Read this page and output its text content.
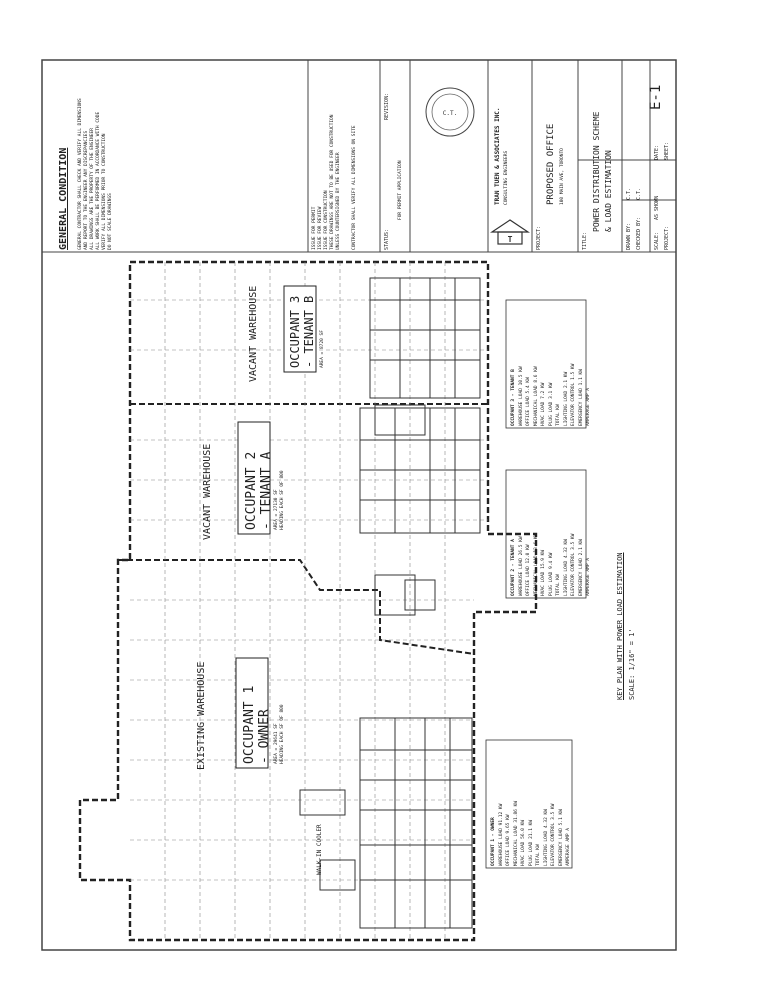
C.T.
T
GENERAL CONDITION GENERAL CONTRACTOR SHALL CHECK AND VERIFY ALL DIMENSIONS AND REPORT TO THE ENGINEER ANY DISCREPANCIES ALL DRAWINGS ARE THE PROPERTY OF THE ENGINEER ALL WORK SHALL BE PERFORMED IN ACCORDANCE WITH CODE VERIFY ALL DIMENSIONS PRIOR TO CONSTRUCTION DO NOT SCALE DRAWINGS	ISSUE FOR PERMIT ISSUE FOR REVIEW ISSUE FOR CONSTRUCTION THESE DRAWINGS ARE NOT TO BE USED FOR CONSTRUCTION UNLESS COUNTERSIGNED BY THE ENGINEER CONTRACTOR SHALL VERIFY ALL DIMENSIONS ON SITE	STATUS:
FOR PERMIT APPLICATION
REVISION:
TRAN TUEN & ASSOCIATES INC. CONSULTING ENGINEERS
PROJECT:
PROPOSED OFFICE 100 MAIN AVE, TORONTO
TITLE:
POWER DISTRIBUTION SCHEME & LOAD ESTIMATION
DRAWN BY:
C.T.
CHECKED BY:
C.T.
SCALE:
AS SHOWN
DATE:
PROJECT:
SHEET:
E-1
OCCUPANT 1 - OWNER
OCCUPANT 2 - TENANT A
OCCUPANT 3 - TENANT B
AREA = 29641 SF HEADING EACH SF OF 800
AREA = 27130 SF HEADING EACH SF OF 800
AREA = 8720 SF
EXISTING WAREHOUSE
VACANT WAREHOUSE
VACANT WAREHOUSE
WALK-IN COOLER
KEY PLAN WITH POWER LOAD ESTIMATION SCALE: 1/16" = 1'
OCCUPANT 1 - OWNER WAREHOUSE LOAD 91.12 KW
OFFICE LOAD 9.65 KW
MECHANICAL LOAD 31.86 KW
HVAC LOAD 56.0 KW
PLUG LOAD 21.1 KW
TOTAL KW LIGHTING LOAD 4.32 KW
ELEVATOR CONTROL 3.5 KW
EMERGENCY LOAD 5.1 KW
AMPERAGE AMP A
OCCUPANT 2 - TENANT A WAREHOUSE LOAD 26.5 KW
OFFICE LOAD 12.0 KW
MECHANICAL LOAD 13.6 KW
HVAC LOAD 15.9 KW
PLUG LOAD 9.4 KW
TOTAL KW LIGHTING LOAD 4.32 KW
ELEVATOR CONTROL 3.5 KW
EMERGENCY LOAD 2.1 KW
AMPERAGE AMP A
OCCUPANT 3 - TENANT B WAREHOUSE LOAD 10.5 KW
OFFICE LOAD 5.4 KW
MECHANICAL LOAD 8.6 KW
HVAC LOAD 7.2 KW
PLUG LOAD 3.1 KW
TOTAL KW LIGHTING LOAD 2.1 KW
ELEVATOR CONTROL 1.5 KW
EMERGENCY LOAD 1.1 KW
AMPERAGE AMP A
